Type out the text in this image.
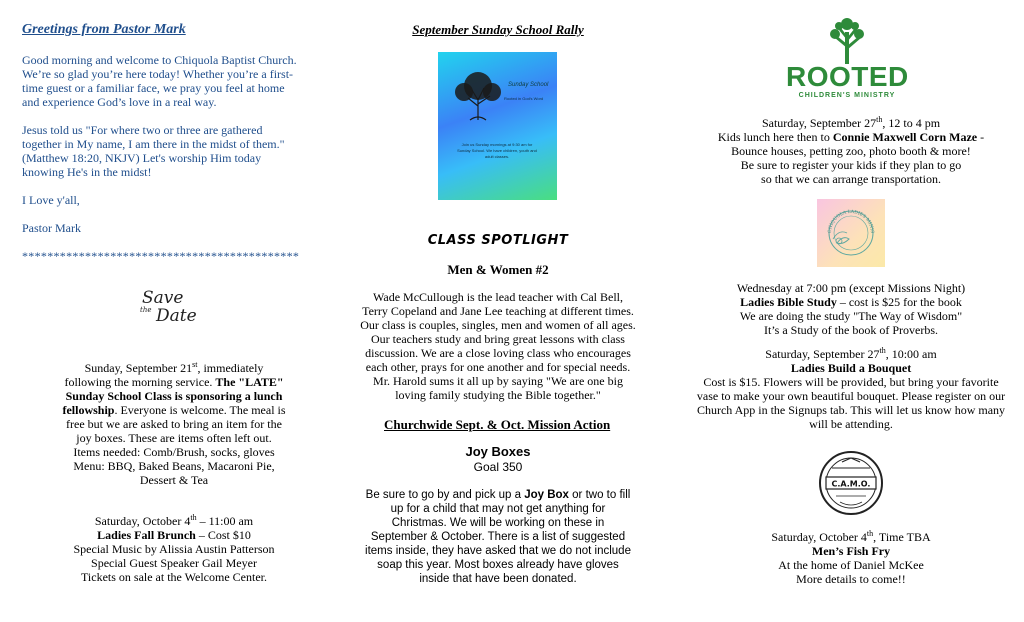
Greetings from Pastor Mark

Good morning and welcome to Chiquola Baptist Church. We’re so glad you’re here today! Whether you’re a first-time guest or a familiar face, we pray you feel at home and experience God’s love in a real way.

Jesus told us "For where two or three are gathered together in My name, I am there in the midst of them." (Matthew 18:20, NKJV) Let's worship Him today knowing He's in the midst!

I Love y'all,

Pastor Mark

********************************************

Save
the Date

Sunday, September 21st, immediately following the morning service. The "LATE" Sunday School Class is sponsoring a lunch fellowship. Everyone is welcome. The meal is free but we are asked to bring an item for the joy boxes. These are items often left out. Items needed: Comb/Brush, socks, gloves Menu: BBQ, Baked Beans, Macaroni Pie, Dessert & Tea

Saturday, October 4th – 11:00 am
Ladies Fall Brunch – Cost $10
Special Music by Alissia Austin Patterson
Special Guest Speaker Gail Meyer
Tickets on sale at the Welcome Center.
September Sunday School Rally
Sunday School
Rooted in God's Word
Join us Sunday mornings at 9:30 am for Sunday School. We have children, youth and adult classes.
CLASS SPOTLIGHT
Men & Women #2

Wade McCullough is the lead teacher with Cal Bell, Terry Copeland and Jane Lee teaching at different times. Our class is couples, singles, men and women of all ages. Our teachers study and bring great lessons with class discussion. We are a close loving class who encourages each other, prays for one another and for special needs. Mr. Harold sums it all up by saying "We are one big loving family studying the Bible together."

Churchwide Sept. & Oct. Mission Action
Joy Boxes
Goal 350

Be sure to go by and pick up a Joy Box or two to fill up for a child that may not get anything for Christmas. We will be working on these in September & October. There is a list of suggested items inside, they have asked that we do not include soap this year. Most boxes already have gloves inside that have been donated.

ROOTED
CHILDREN'S MINISTRY
Saturday, September 27th, 12 to 4 pm
Kids lunch here then to Connie Maxwell Corn Maze -
Bounce houses, petting zoo, photo booth & more!
Be sure to register your kids if they plan to go
so that we can arrange transportation.
CHIQUOLA LADIES MINIS
Wednesday at 7:00 pm (except Missions Night)
Ladies Bible Study – cost is $25 for the book
We are doing the study "The Way of Wisdom"
It’s a Study of the book of Proverbs.
Saturday, September 27th, 10:00 am
Ladies Build a Bouquet
Cost is $15. Flowers will be provided, but bring your favorite vase to make your own beautiful bouquet. Please register on our Church App in the Signups tab. This will let us know how many will be attending.
C.A.M.O.
Saturday, October 4th, Time TBA
Men’s Fish Fry
At the home of Daniel McKee
More details to come!!
